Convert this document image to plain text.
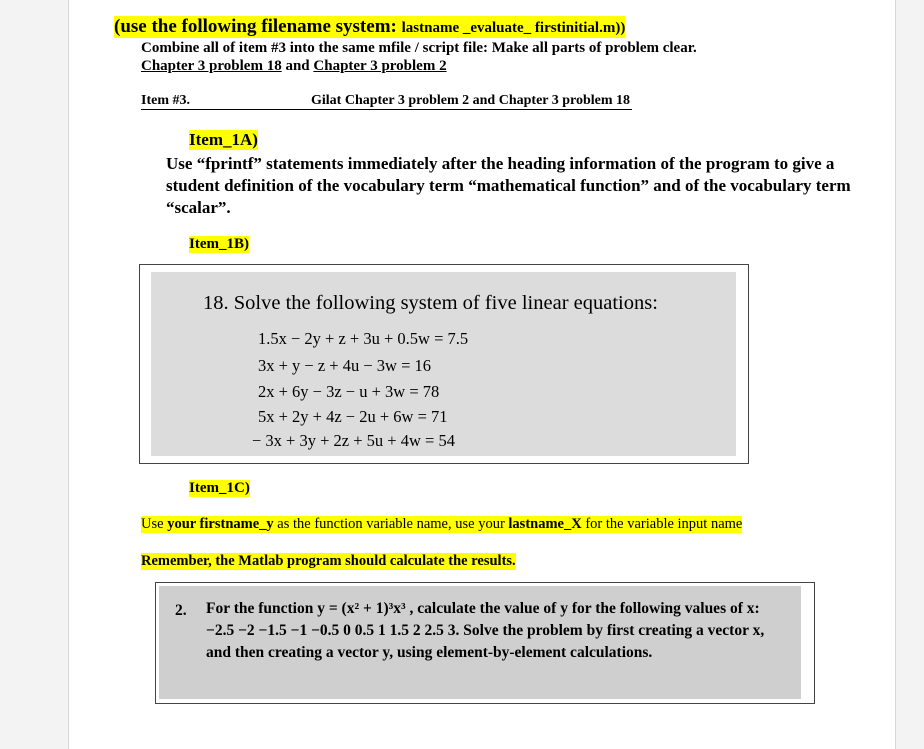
(use the following filename system: lastname _evaluate_ firstinitial.m))
Combine all of item #3 into the same mfile / script file: Make all parts of problem clear.
Chapter 3 problem 18 and Chapter 3 problem 2
Item #3.	Gilat Chapter 3 problem 2 and Chapter 3 problem 18
Item_1A)
Use “fprintf” statements immediately after the heading information of the program to give a student definition of the vocabulary term “mathematical function” and of the vocabulary term “scalar”.
Item_1B)
18. Solve the following system of five linear equations:
1.5x − 2y + z + 3u + 0.5w = 7.5
3x + y − z + 4u − 3w = 16
2x + 6y − 3z − u + 3w = 78
5x + 2y + 4z − 2u + 6w = 71
− 3x + 3y + 2z + 5u + 4w = 54
Item_1C)
Use your firstname_y as the function variable name, use your lastname_X for the variable input name
Remember, the Matlab program should calculate the results.
2. For the function y = (x² + 1)³x³ , calculate the value of y for the following values of x: −2.5 −2 −1.5 −1 −0.5 0 0.5 1 1.5 2 2.5 3. Solve the problem by first creating a vector x, and then creating a vector y, using element-by-element calculations.
